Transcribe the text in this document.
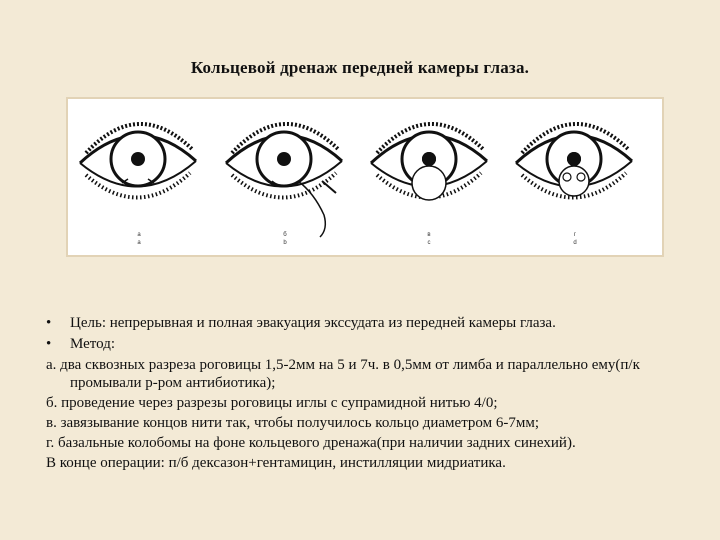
Кольцевой дренаж передней камеры глаза.
а
a
б
b
в
c
г
d
•	Цель: непрерывная и полная эвакуация экссудата из передней камеры глаза.
•	Метод:

а. два сквозных разреза роговицы 1,5-2мм на 5 и 7ч. в 0,5мм от лимба и параллельно ему(п/к промывали р-ром антибиотика);

б. проведение через разрезы роговицы иглы с супрамидной нитью 4/0;

в. завязывание концов нити так, чтобы получилось кольцо диаметром 6-7мм;

г. базальные колобомы на фоне кольцевого дренажа(при наличии задних синехий).

В конце операции: п/б дексазон+гентамицин, инстилляции мидриатика.
